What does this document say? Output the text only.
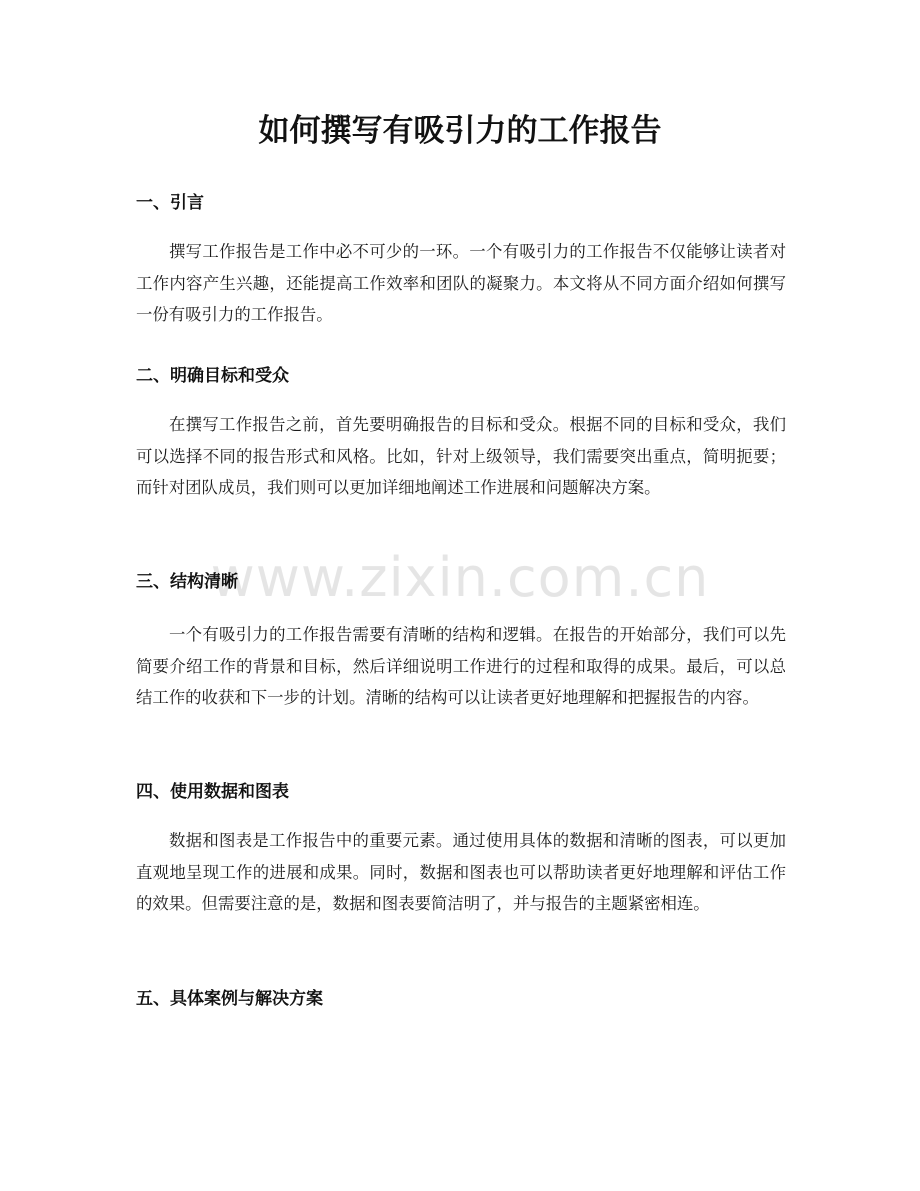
如何撰写有吸引力的工作报告
一、引言

撰写工作报告是工作中必不可少的一环。一个有吸引力的工作报告不仅能够让读者对工作内容产生兴趣，还能提高工作效率和团队的凝聚力。本文将从不同方面介绍如何撰写一份有吸引力的工作报告。

二、明确目标和受众

在撰写工作报告之前，首先要明确报告的目标和受众。根据不同的目标和受众，我们可以选择不同的报告形式和风格。比如，针对上级领导，我们需要突出重点，简明扼要；而针对团队成员，我们则可以更加详细地阐述工作进展和问题解决方案。

三、结构清晰

一个有吸引力的工作报告需要有清晰的结构和逻辑。在报告的开始部分，我们可以先简要介绍工作的背景和目标，然后详细说明工作进行的过程和取得的成果。最后，可以总结工作的收获和下一步的计划。清晰的结构可以让读者更好地理解和把握报告的内容。

四、使用数据和图表

数据和图表是工作报告中的重要元素。通过使用具体的数据和清晰的图表，可以更加直观地呈现工作的进展和成果。同时，数据和图表也可以帮助读者更好地理解和评估工作的效果。但需要注意的是，数据和图表要简洁明了，并与报告的主题紧密相连。

五、具体案例与解决方案
www.zixin.com.cn
